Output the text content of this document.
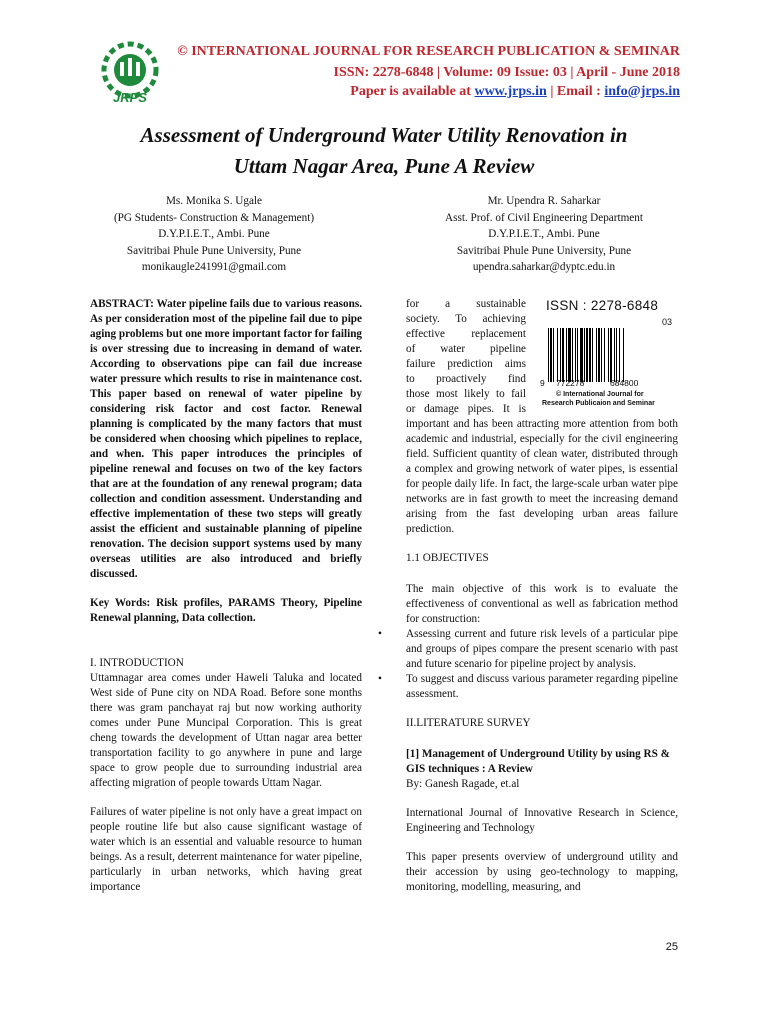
JRPS
© INTERNATIONAL JOURNAL FOR RESEARCH PUBLICATION & SEMINAR
ISSN: 2278-6848 | Volume: 09 Issue: 03 | April - June 2018
Paper is available at www.jrps.in | Email : info@jrps.in
Assessment of Underground Water Utility Renovation in
Uttam Nagar Area, Pune A Review
Ms. Monika S. Ugale
(PG Students- Construction & Management)
D.Y.P.I.E.T., Ambi. Pune
Savitribai Phule Pune University, Pune
monikaugle241991@gmail.com
Mr. Upendra R. Saharkar
Asst. Prof. of Civil Engineering Department
D.Y.P.I.E.T., Ambi. Pune
Savitribai Phule Pune University, Pune
upendra.saharkar@dyptc.edu.in

ABSTRACT: Water pipeline fails due to various reasons. As per consideration most of the pipeline fail due to pipe aging problems but one more important factor for failing is over stressing due to increasing in demand of water. According to observations pipe can fail due increase water pressure which results to rise in maintenance cost. This paper based on renewal of water pipeline by considering risk factor and cost factor. Renewal planning is complicated by the many factors that must be considered when choosing which pipelines to replace, and when. This paper introduces the principles of pipeline renewal and focuses on two of the key factors that are at the foundation of any renewal program; data collection and condition assessment. Understanding and effective implementation of these two steps will greatly assist the efficient and sustainable planning of pipeline renovation. The decision support systems used by many overseas utilities are also introduced and briefly discussed.

Key Words: Risk profiles, PARAMS Theory, Pipeline Renewal planning, Data collection.

I. INTRODUCTION

Uttamnagar area comes under Haweli Taluka and located West side of Pune city on NDA Road. Before sone months there was gram panchayat raj but now working authority comes under Pune Muncipal Corporation. This is great cheng towards the development of Uttan nagar area better transportation facility to go anywhere in pune and large space to grow people due to surrounding industrial area affecting migration of people towards Uttam Nagar.

Failures of water pipeline is not only have a great impact on people routine life but also cause significant wastage of water which is an essential and valuable resource to human beings. As a result, deterrent maintenance for water pipeline, particularly in urban networks, which having great importance

for a sustainable

society. To achieving

effective replacement

of water pipeline

failure prediction aims

to proactively find

those most likely to fail

or damage pipes. It is

ISSN : 2278-6848
03
9 772278	684800
© International Journal for
Research Publicaion and Seminar

important and has been attracting more attention from both academic and industrial, especially for the civil engineering field. Sufficient quantity of clean water, distributed through a complex and growing network of water pipes, is essential for people daily life. In fact, the large-scale urban water pipe networks are in fast growth to meet the increasing demand arising from the fast developing urban areas failure prediction.

1.1 OBJECTIVES

The main objective of this work is to evaluate the effectiveness of conventional as well as fabrication method for construction:

• Assessing current and future risk levels of a particular pipe and groups of pipes compare the present scenario with past and future scenario for pipeline project by analysis.

• To suggest and discuss various parameter regarding pipeline assessment.

II.LITERATURE SURVEY

[1] Management of Underground Utility by using RS & GIS techniques : A Review

By: Ganesh Ragade, et.al

International Journal of Innovative Research in Science, Engineering and Technology

This paper presents overview of underground utility and their accession by using geo-technology to mapping, monitoring, modelling, measuring, and

25
